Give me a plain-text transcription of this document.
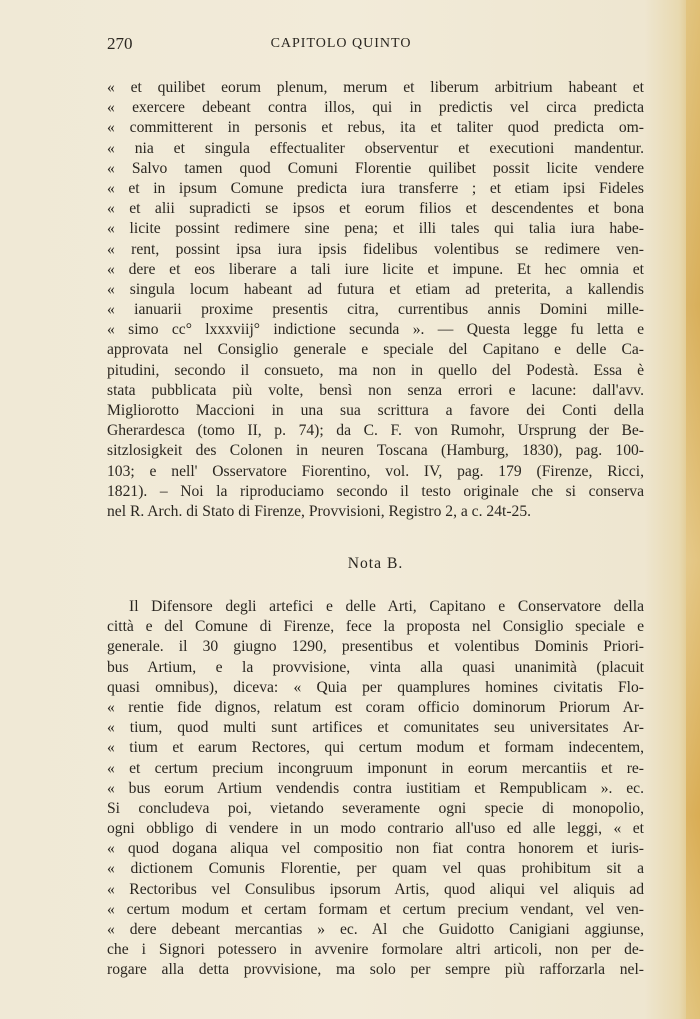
270	CAPITOLO QUINTO
« et quilibet eorum plenum, merum et liberum arbitrium habeant et
« exercere debeant contra illos, qui in predictis vel circa predicta
« committerent in personis et rebus, ita et taliter quod predicta om-
« nia et singula effectualiter observentur et executioni mandentur.
« Salvo tamen quod Comuni Florentie quilibet possit licite vendere
« et in ipsum Comune predicta iura transferre ; et etiam ipsi Fideles
« et alii supradicti se ipsos et eorum filios et descendentes et bona
« licite possint redimere sine pena; et illi tales qui talia iura habe-
« rent, possint ipsa iura ipsis fidelibus volentibus se redimere ven-
« dere et eos liberare a tali iure licite et impune. Et hec omnia et
« singula locum habeant ad futura et etiam ad preterita, a kallendis
« ianuarii proxime presentis citra, currentibus annis Domini mille-
« simo cc° lxxxviij° indictione secunda ». — Questa legge fu letta e
approvata nel Consiglio generale e speciale del Capitano e delle Ca-
pitudini, secondo il consueto, ma non in quello del Podestà. Essa è
stata pubblicata più volte, bensì non senza errori e lacune: dall'avv.
Migliorotto Maccioni in una sua scrittura a favore dei Conti della
Gherardesca (tomo II, p. 74); da C. F. von Rumohr, Ursprung der Be-
sitzlosigkeit des Colonen in neuren Toscana (Hamburg, 1830), pag. 100-
103; e nell' Osservatore Fiorentino, vol. IV, pag. 179 (Firenze, Ricci,
1821). – Noi la riproduciamo secondo il testo originale che si conserva
nel R. Arch. di Stato di Firenze, Provvisioni, Registro 2, a c. 24t-25.
Nota B.
Il Difensore degli artefici e delle Arti, Capitano e Conservatore della
città e del Comune di Firenze, fece la proposta nel Consiglio speciale e
generale. il 30 giugno 1290, presentibus et volentibus Dominis Priori-
bus Artium, e la provvisione, vinta alla quasi unanimità (placuit
quasi omnibus), diceva: « Quia per quamplures homines civitatis Flo-
« rentie fide dignos, relatum est coram officio dominorum Priorum Ar-
« tium, quod multi sunt artifices et comunitates seu universitates Ar-
« tium et earum Rectores, qui certum modum et formam indecentem,
« et certum precium incongruum imponunt in eorum mercantiis et re-
« bus eorum Artium vendendis contra iustitiam et Rempublicam ». ec.
Si concludeva poi, vietando severamente ogni specie di monopolio,
ogni obbligo di vendere in un modo contrario all'uso ed alle leggi, « et
« quod dogana aliqua vel compositio non fiat contra honorem et iuris-
« dictionem Comunis Florentie, per quam vel quas prohibitum sit a
« Rectoribus vel Consulibus ipsorum Artis, quod aliqui vel aliquis ad
« certum modum et certam formam et certum precium vendant, vel ven-
« dere debeant mercantias » ec. Al che Guidotto Canigiani aggiunse,
che i Signori potessero in avvenire formolare altri articoli, non per de-
rogare alla detta provvisione, ma solo per sempre più rafforzarla nel-
